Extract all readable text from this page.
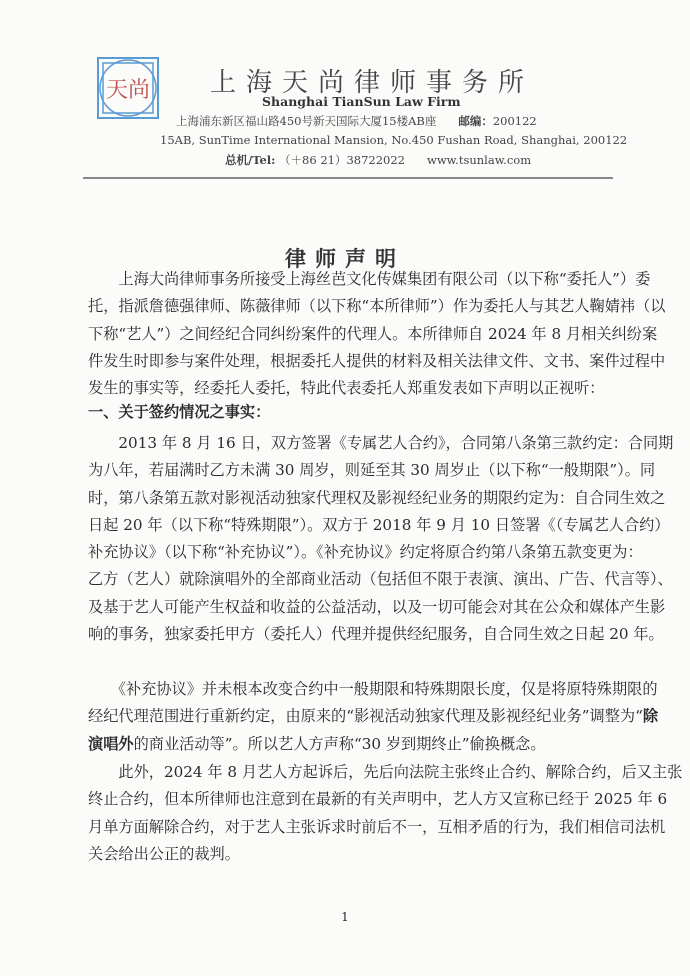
天尚 上海天尚律师事务所
Shanghai TianSun Law Firm
上海浦东新区福山路450号新天国际大厦15楼AB座 邮编：200122
15AB, SunTime International Mansion, No.450 Fushan Road, Shanghai, 200122
总机/Tel: （＋86 21）38722022 www.tsunlaw.com
律师声明
　　上海大尚律师事务所接受上海丝芭文化传媒集团有限公司（以下称“委托人”）委
托，指派詹德强律师、陈薇律师（以下称“本所律师”）作为委托人与其艺人鞠婧祎（以
下称“艺人”）之间经纪合同纠纷案件的代理人。本所律师自 2024 年 8 月相关纠纷案
件发生时即参与案件处理，根据委托人提供的材料及相关法律文件、文书、案件过程中
发生的事实等，经委托人委托，特此代表委托人郑重发表如下声明以正视听：
一、关于签约情况之事实：
　　2013 年 8 月 16 日，双方签署《专属艺人合约》，合同第八条第三款约定：合同期
为八年，若届满时乙方未满 30 周岁，则延至其 30 周岁止（以下称“一般期限”）。同
时，第八条第五款对影视活动独家代理权及影视经纪业务的期限约定为：自合同生效之
日起 20 年（以下称“特殊期限”）。双方于 2018 年 9 月 10 日签署《（专属艺人合约）
补充协议》（以下称“补充协议”）。《补充协议》约定将原合约第八条第五款变更为：
乙方（艺人）就除演唱外的全部商业活动（包括但不限于表演、演出、广告、代言等）、
及基于艺人可能产生权益和收益的公益活动，以及一切可能会对其在公众和媒体产生影
响的事务，独家委托甲方（委托人）代理并提供经纪服务，自合同生效之日起 20 年。
　　《补充协议》并未根本改变合约中一般期限和特殊期限长度，仅是将原特殊期限的
经纪代理范围进行重新约定，由原来的“影视活动独家代理及影视经纪业务”调整为“除
演唱外的商业活动等”。所以艺人方声称“30 岁到期终止”偷换概念。
　　此外，2024 年 8 月艺人方起诉后，先后向法院主张终止合约、解除合约，后又主张
终止合约，但本所律师也注意到在最新的有关声明中，艺人方又宣称已经于 2025 年 6
月单方面解除合约，对于艺人主张诉求时前后不一，互相矛盾的行为，我们相信司法机
关会给出公正的裁判。
1
